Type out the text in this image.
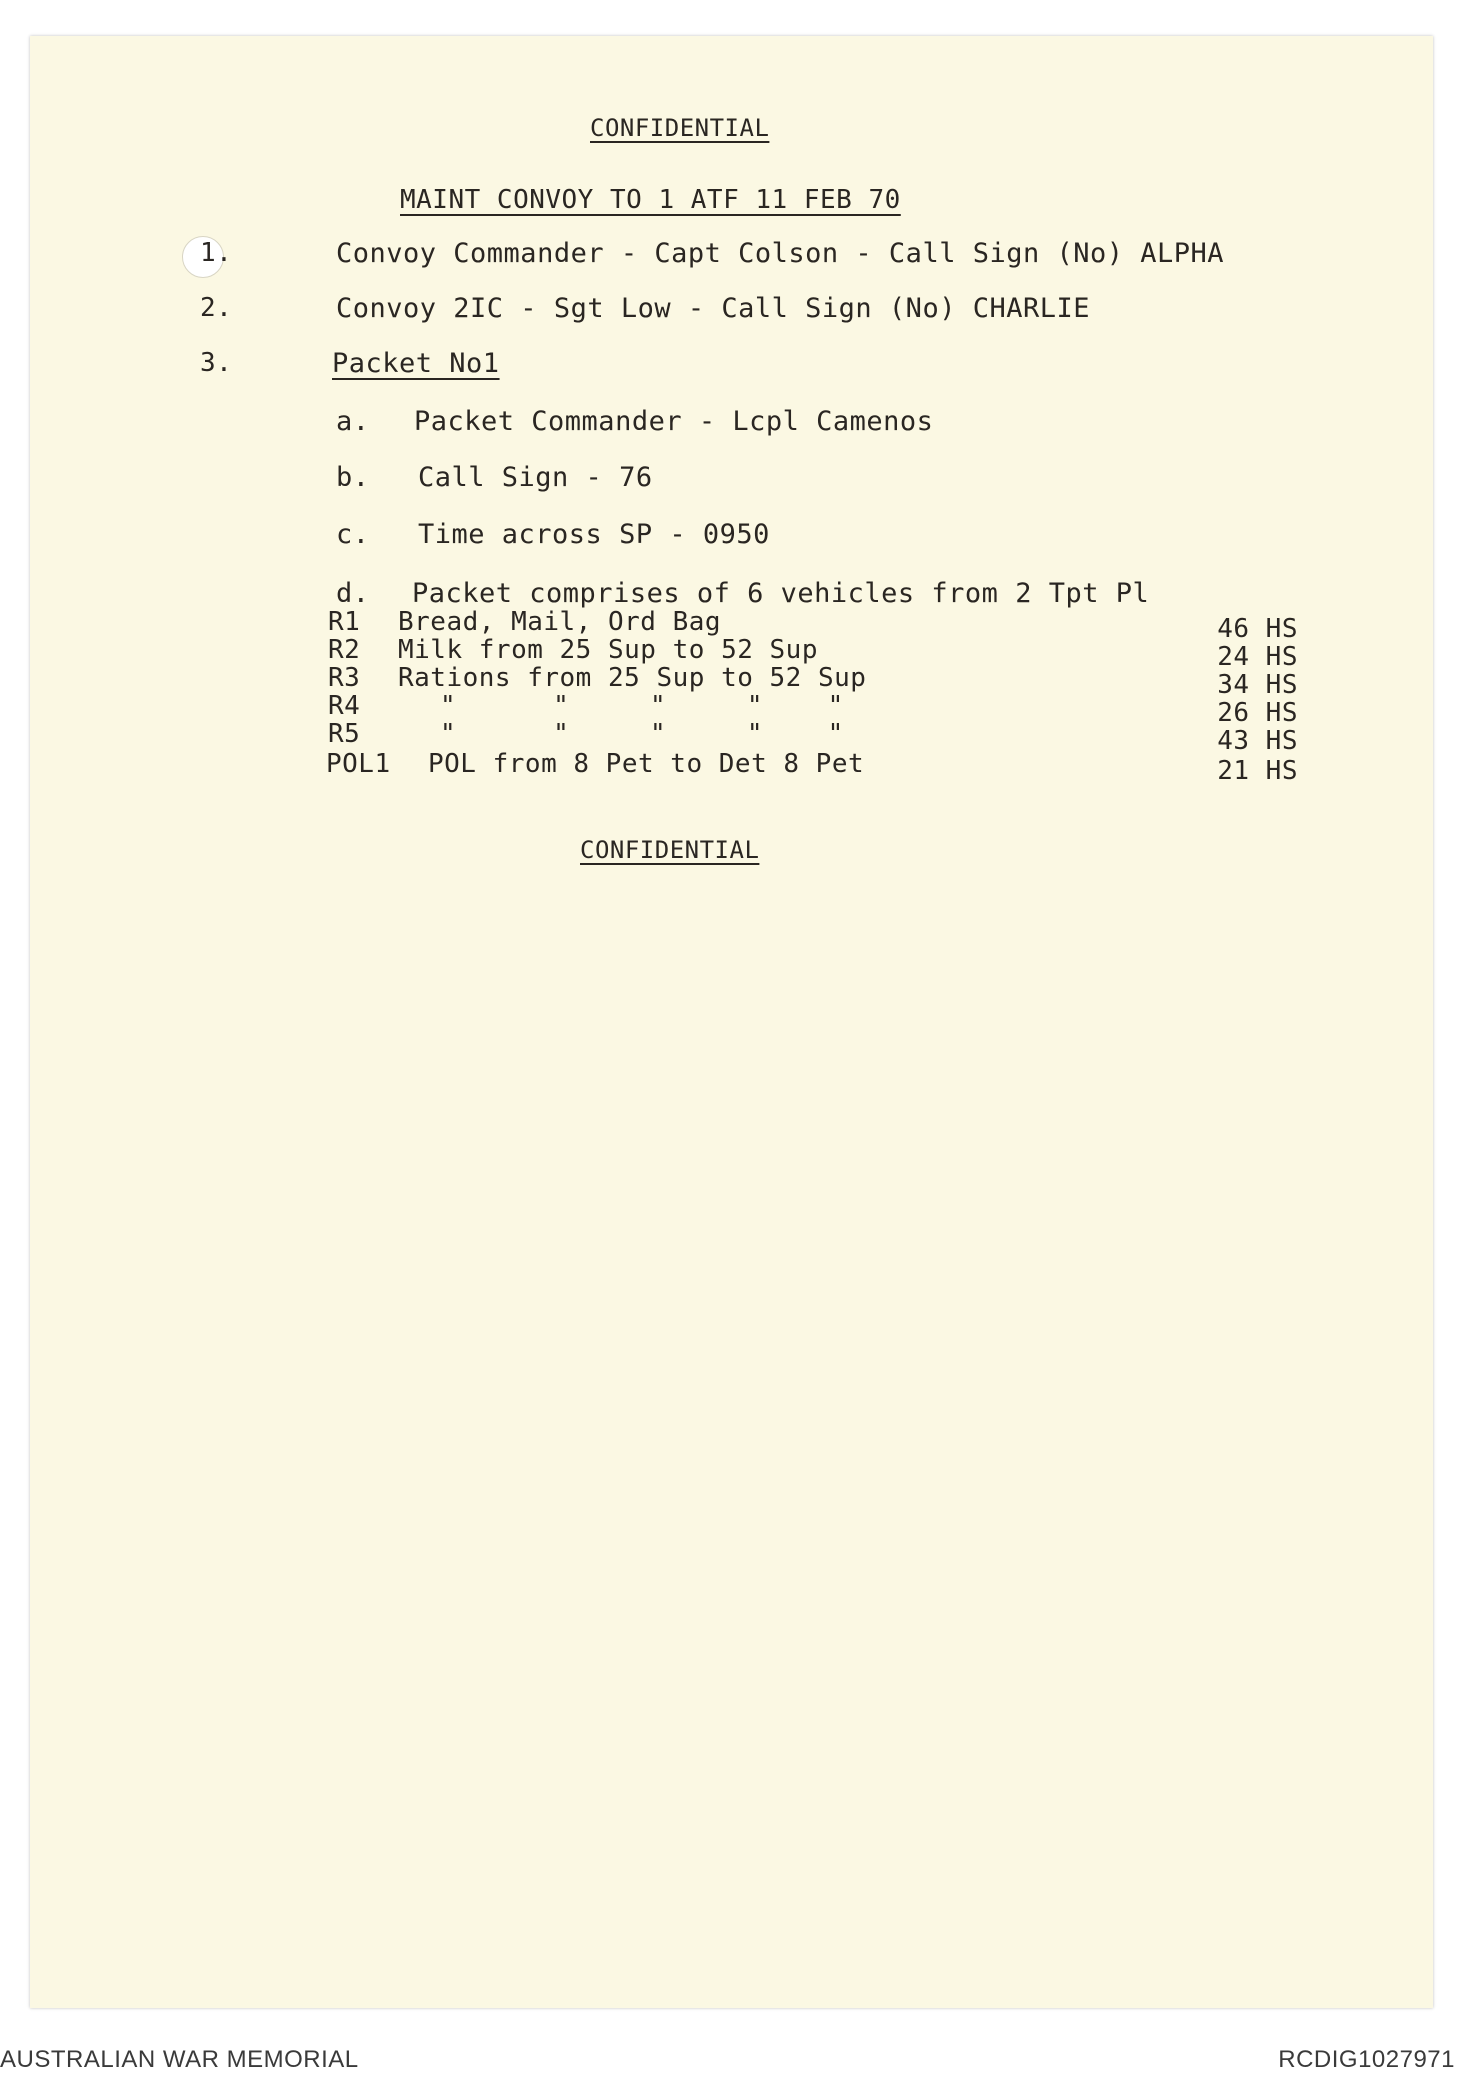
CONFIDENTIAL
MAINT CONVOY TO 1 ATF 11 FEB 70
1.	Convoy Commander - Capt Colson - Call Sign (No) ALPHA
2.	Convoy 2IC - Sgt Low - Call Sign (No) CHARLIE
3.	Packet No1
a. Packet Commander - Lcpl Camenos
b. Call Sign - 76
c. Time across SP - 0950
d. Packet comprises of 6 vehicles from 2 Tpt Pl
R1 Bread, Mail, Ord Bag	46 HS
R2 Milk from 25 Sup to 52 Sup	24 HS
R3 Rations from 25 Sup to 52 Sup	34 HS
R4	"      "     "     "    "	26 HS
R5	"      "     "     "    "	43 HS
POL1 POL from 8 Pet to Det 8 Pet	21 HS
CONFIDENTIAL
AUSTRALIAN WAR MEMORIAL	RCDIG1027971
